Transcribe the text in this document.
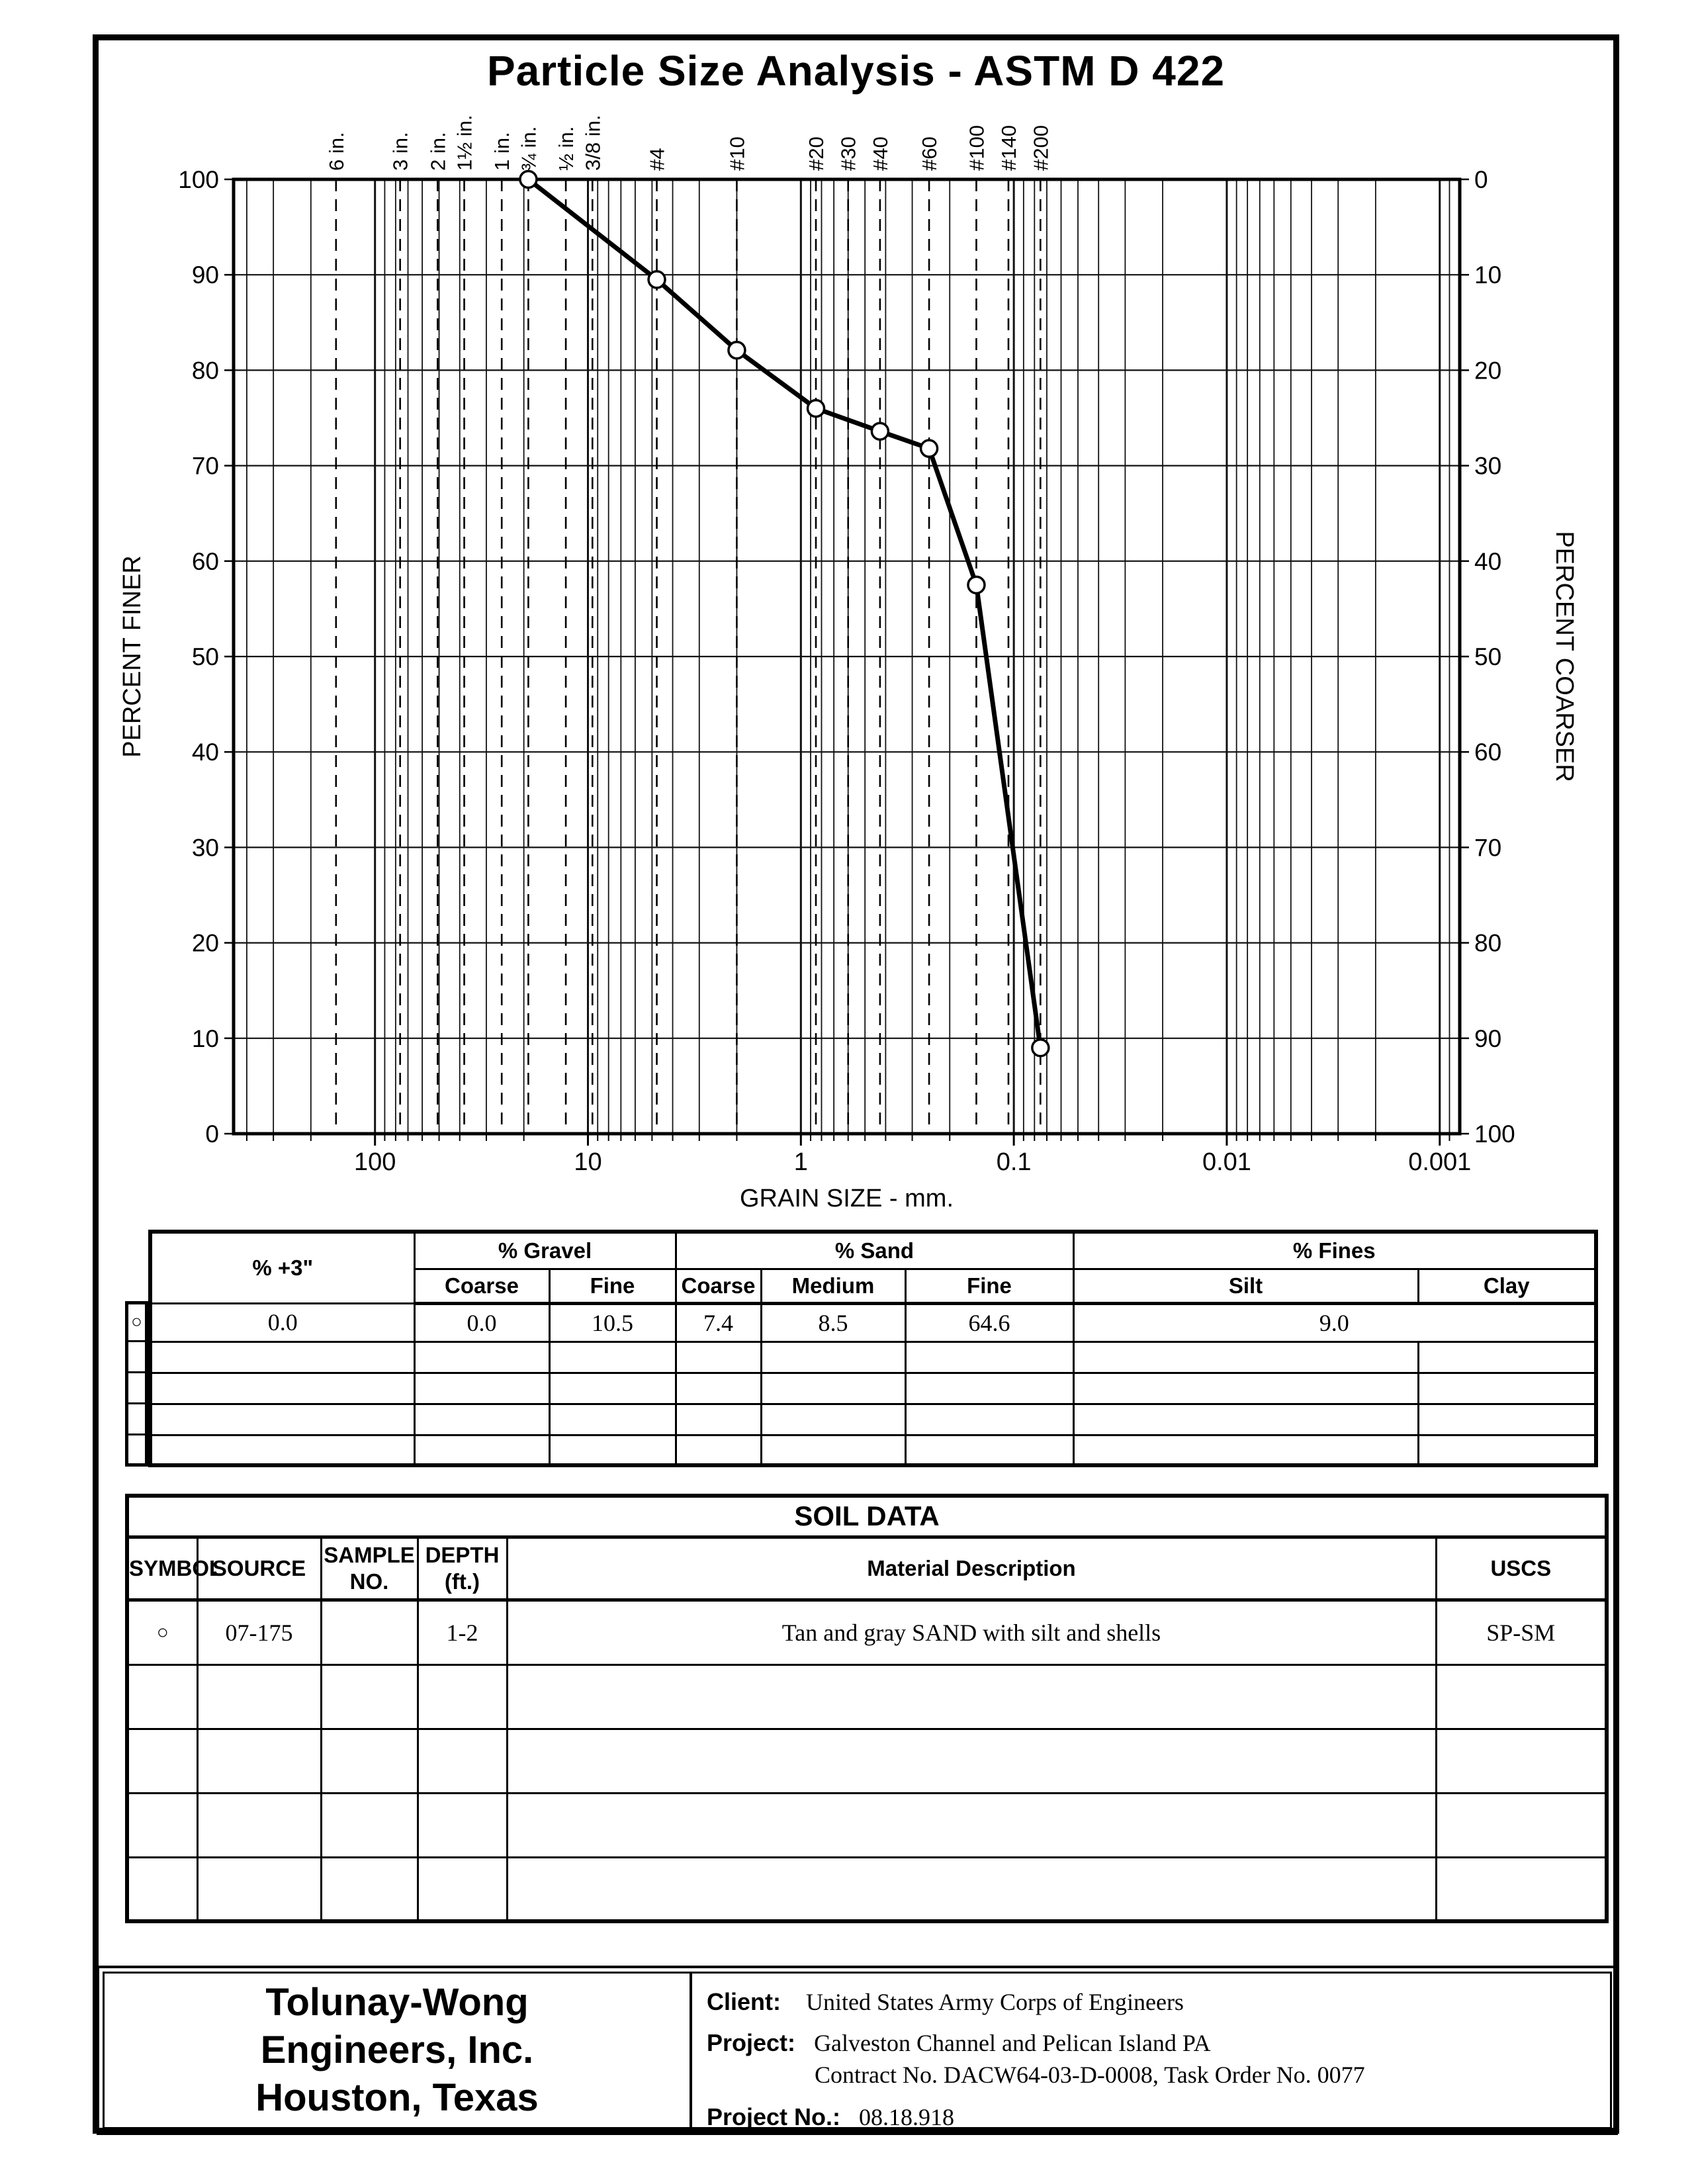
Particle Size Analysis - ASTM D 422
6 in. 3 in. 2 in. 1½ in. 1 in. ¾ in. ½ in. 3/8 in. #4	#10	#20 #30 #40 #60 #100 #140 #200
100
90
80
70
60
50
40
30
20
10
0
0
10
20
30
40
50
60
70
80
90
100
100	10	1	0.1	0.01	0.001
PERCENT FINER	PERCENT COARSER
GRAIN SIZE - mm.
○

% +3"	% Gravel		% Sand			% Fines	
	Coarse	Fine	Coarse	Medium	Fine	Silt	Clay
0.0	0.0	10.5	7.4	8.5	64.6	9.0	

SOIL DATA					
SYMBOL	SOURCE	
SAMPLE
NO.

DEPTH
(ft.)
	Material Description	USCS
○	07-175		1-2	Tan and gray SAND with silt and shells	SP-SM

Tolunay-Wong
Engineers, Inc.
Houston, Texas
Client: United States Army Corps of Engineers
Project: Galveston Channel and Pelican Island PA
Contract No. DACW64-03-D-0008, Task Order No. 0077
Project No.: 08.18.918
